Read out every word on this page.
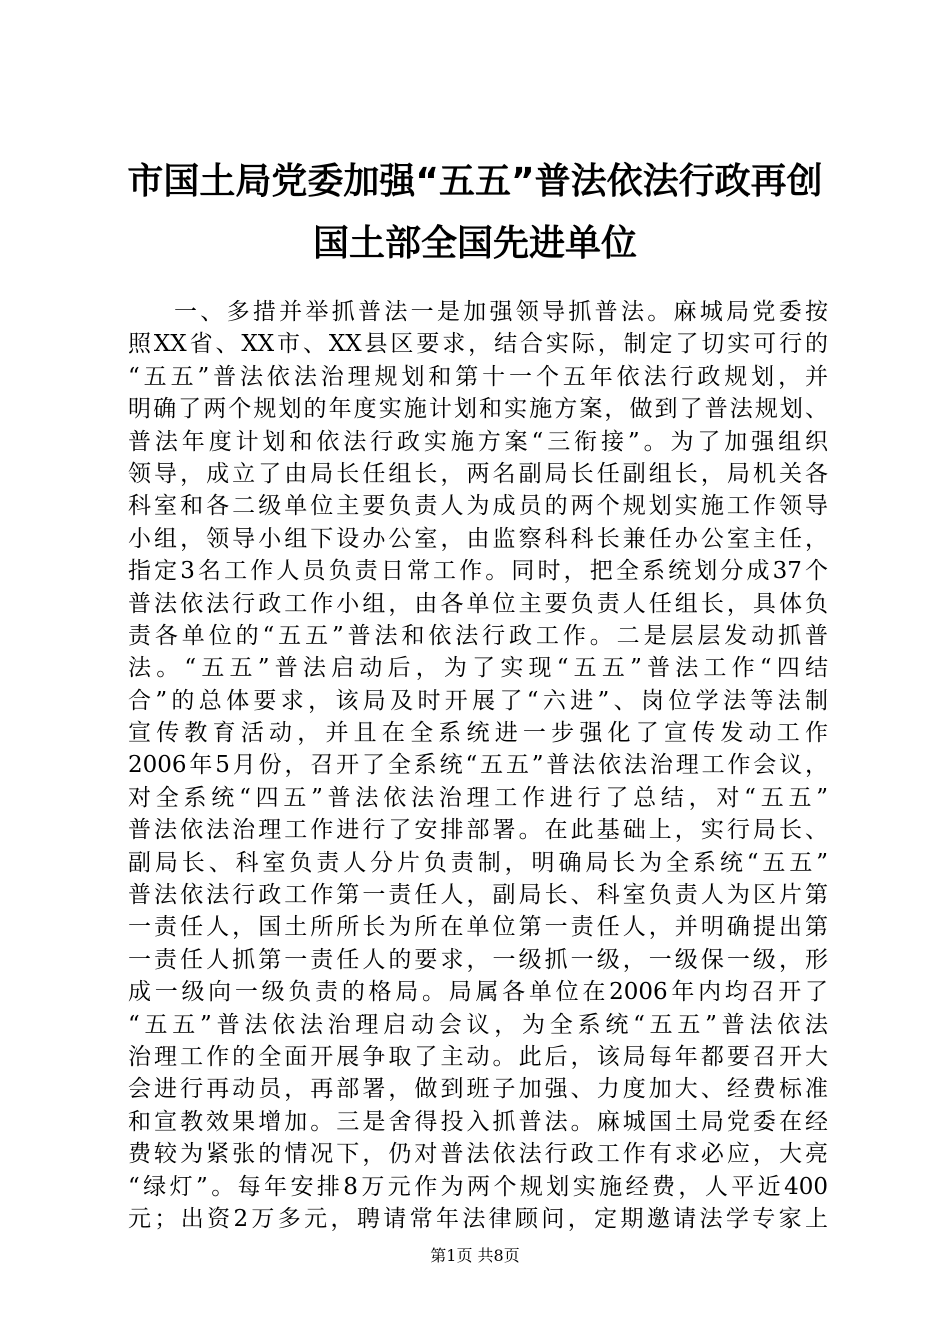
市国土局党委加强“五五”普法依法行政再创
国土部全国先进单位
一、多措并举抓普法一是加强领导抓普法。麻城局党委按
照XX省、XX市、XX县区要求，结合实际，制定了切实可行的
“五五”普法依法治理规划和第十一个五年依法行政规划，并
明确了两个规划的年度实施计划和实施方案，做到了普法规划、
普法年度计划和依法行政实施方案“三衔接”。为了加强组织
领导，成立了由局长任组长，两名副局长任副组长，局机关各
科室和各二级单位主要负责人为成员的两个规划实施工作领导
小组，领导小组下设办公室，由监察科科长兼任办公室主任，
指定3名工作人员负责日常工作。同时，把全系统划分成37个
普法依法行政工作小组，由各单位主要负责人任组长，具体负
责各单位的“五五”普法和依法行政工作。二是层层发动抓普
法。“五五”普法启动后，为了实现“五五”普法工作“四结
合”的总体要求，该局及时开展了“六进”、岗位学法等法制
宣传教育活动，并且在全系统进一步强化了宣传发动工作
2006年5月份，召开了全系统“五五”普法依法治理工作会议，
对全系统“四五”普法依法治理工作进行了总结，对“五五”
普法依法治理工作进行了安排部署。在此基础上，实行局长、
副局长、科室负责人分片负责制，明确局长为全系统“五五”
普法依法行政工作第一责任人，副局长、科室负责人为区片第
一责任人，国土所所长为所在单位第一责任人，并明确提出第
一责任人抓第一责任人的要求，一级抓一级，一级保一级，形
成一级向一级负责的格局。局属各单位在2006年内均召开了
“五五”普法依法治理启动会议，为全系统“五五”普法依法
治理工作的全面开展争取了主动。此后，该局每年都要召开大
会进行再动员，再部署，做到班子加强、力度加大、经费标准
和宣教效果增加。三是舍得投入抓普法。麻城国土局党委在经
费较为紧张的情况下，仍对普法依法行政工作有求必应，大亮
“绿灯”。每年安排8万元作为两个规划实施经费，人平近400
元；出资2万多元，聘请常年法律顾问，定期邀请法学专家上
第1页 共8页
